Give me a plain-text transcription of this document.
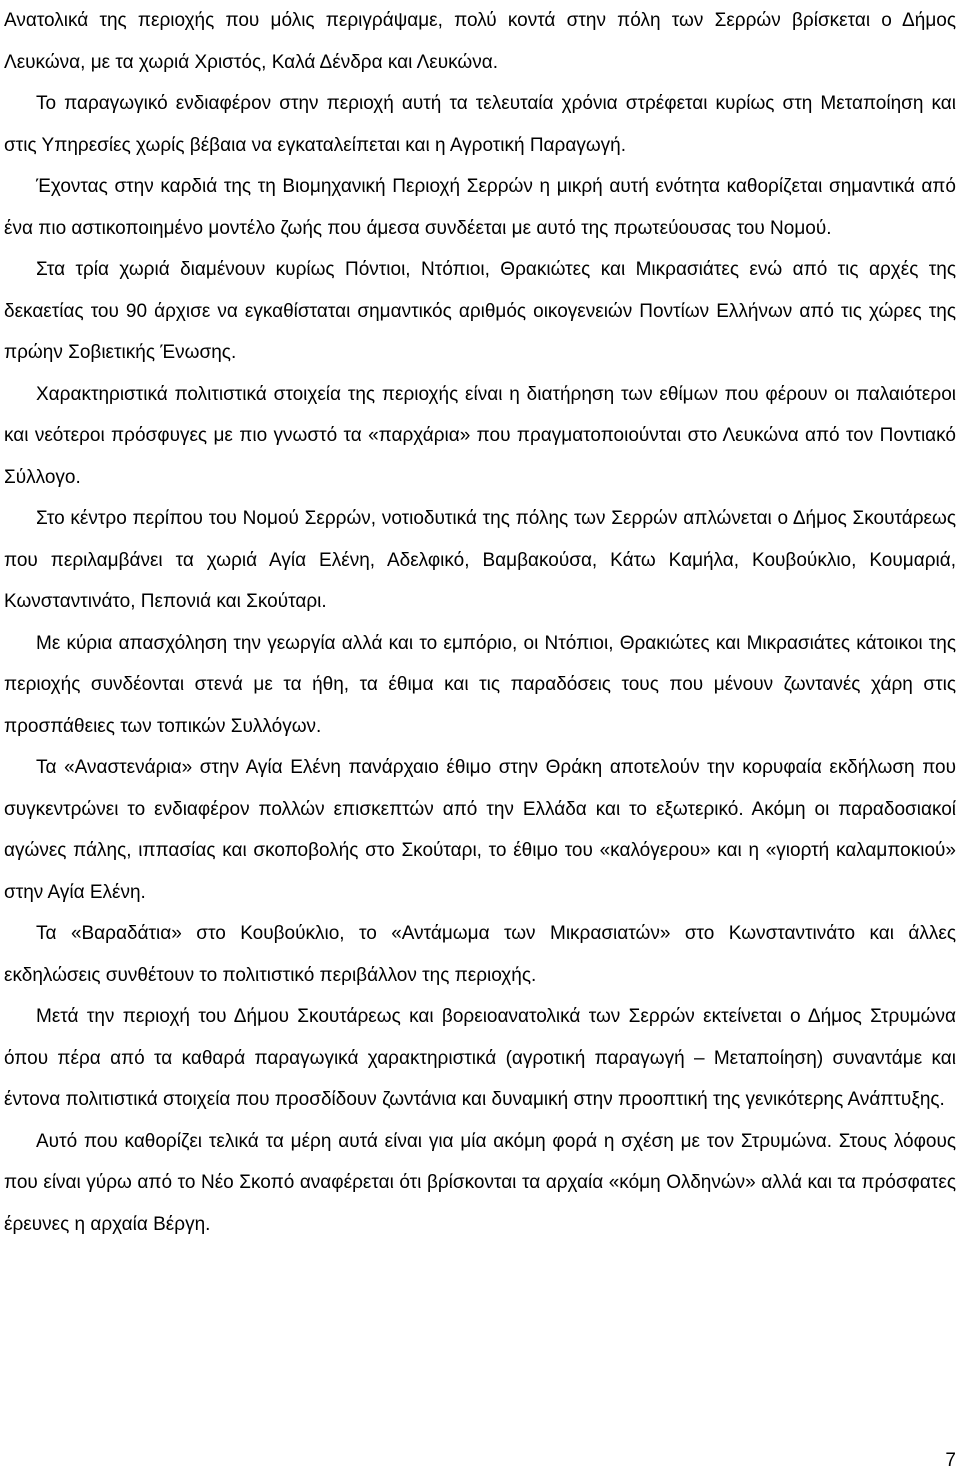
Ανατολικά της περιοχής που μόλις περιγράψαμε, πολύ κοντά στην πόλη των Σερρών βρίσκεται ο Δήμος Λευκώνα, με τα χωριά Χριστός, Καλά Δένδρα και Λευκώνα.

Το παραγωγικό ενδιαφέρον στην περιοχή αυτή τα τελευταία χρόνια στρέφεται κυρίως στη Μεταποίηση και στις Υπηρεσίες χωρίς βέβαια να εγκαταλείπεται και η Αγροτική Παραγωγή.

Έχοντας στην καρδιά της τη Βιομηχανική Περιοχή Σερρών η μικρή αυτή ενότητα καθορίζεται σημαντικά από ένα πιο αστικοποιημένο μοντέλο ζωής που άμεσα συνδέεται με αυτό της πρωτεύουσας του Νομού.

Στα τρία χωριά διαμένουν κυρίως Πόντιοι, Ντόπιοι, Θρακιώτες και Μικρασιάτες ενώ από τις αρχές της δεκαετίας του 90 άρχισε να εγκαθίσταται σημαντικός αριθμός οικογενειών Ποντίων Ελλήνων από τις χώρες της πρώην Σοβιετικής Ένωσης.

Χαρακτηριστικά πολιτιστικά στοιχεία της περιοχής είναι η διατήρηση των εθίμων που φέρουν οι παλαιότεροι και νεότεροι πρόσφυγες με πιο γνωστό τα «παρχάρια» που πραγματοποιούνται στο Λευκώνα από τον Ποντιακό Σύλλογο.

Στο κέντρο περίπου του Νομού Σερρών, νοτιοδυτικά της πόλης των Σερρών απλώνεται ο Δήμος Σκουτάρεως που περιλαμβάνει τα χωριά Αγία Ελένη, Αδελφικό, Βαμβακούσα, Κάτω Καμήλα, Κουβούκλιο, Κουμαριά, Κωνσταντινάτο, Πεπονιά και Σκούταρι.

Με κύρια απασχόληση την γεωργία αλλά και το εμπόριο, οι Ντόπιοι, Θρακιώτες και Μικρασιάτες κάτοικοι της περιοχής συνδέονται στενά με τα ήθη, τα έθιμα και τις παραδόσεις τους που μένουν ζωντανές χάρη στις προσπάθειες των τοπικών Συλλόγων.

Τα «Αναστενάρια» στην Αγία Ελένη πανάρχαιο έθιμο στην Θράκη αποτελούν την κορυφαία εκδήλωση που συγκεντρώνει το ενδιαφέρον πολλών επισκεπτών από την Ελλάδα και το εξωτερικό. Ακόμη οι παραδοσιακοί αγώνες πάλης, ιππασίας και σκοποβολής στο Σκούταρι, το έθιμο του «καλόγερου» και η «γιορτή καλαμποκιού» στην Αγία Ελένη.

Τα «Βαραδάτια» στο Κουβούκλιο, το «Αντάμωμα των Μικρασιατών» στο Κωνσταντινάτο και άλλες εκδηλώσεις συνθέτουν το πολιτιστικό περιβάλλον της περιοχής.

Μετά την περιοχή του Δήμου Σκουτάρεως και βορειοανατολικά των Σερρών εκτείνεται ο Δήμος Στρυμώνα όπου πέρα από τα καθαρά παραγωγικά χαρακτηριστικά (αγροτική παραγωγή – Μεταποίηση) συναντάμε και έντονα πολιτιστικά στοιχεία που προσδίδουν ζωντάνια και δυναμική στην προοπτική της γενικότερης Ανάπτυξης.

Αυτό που καθορίζει τελικά τα μέρη αυτά είναι για μία ακόμη φορά η σχέση με τον Στρυμώνα. Στους λόφους που είναι γύρω από το Νέο Σκοπό αναφέρεται ότι βρίσκονται τα αρχαία «κόμη Ολδηνών» αλλά και τα πρόσφατες έρευνες η αρχαία Βέργη.

7
